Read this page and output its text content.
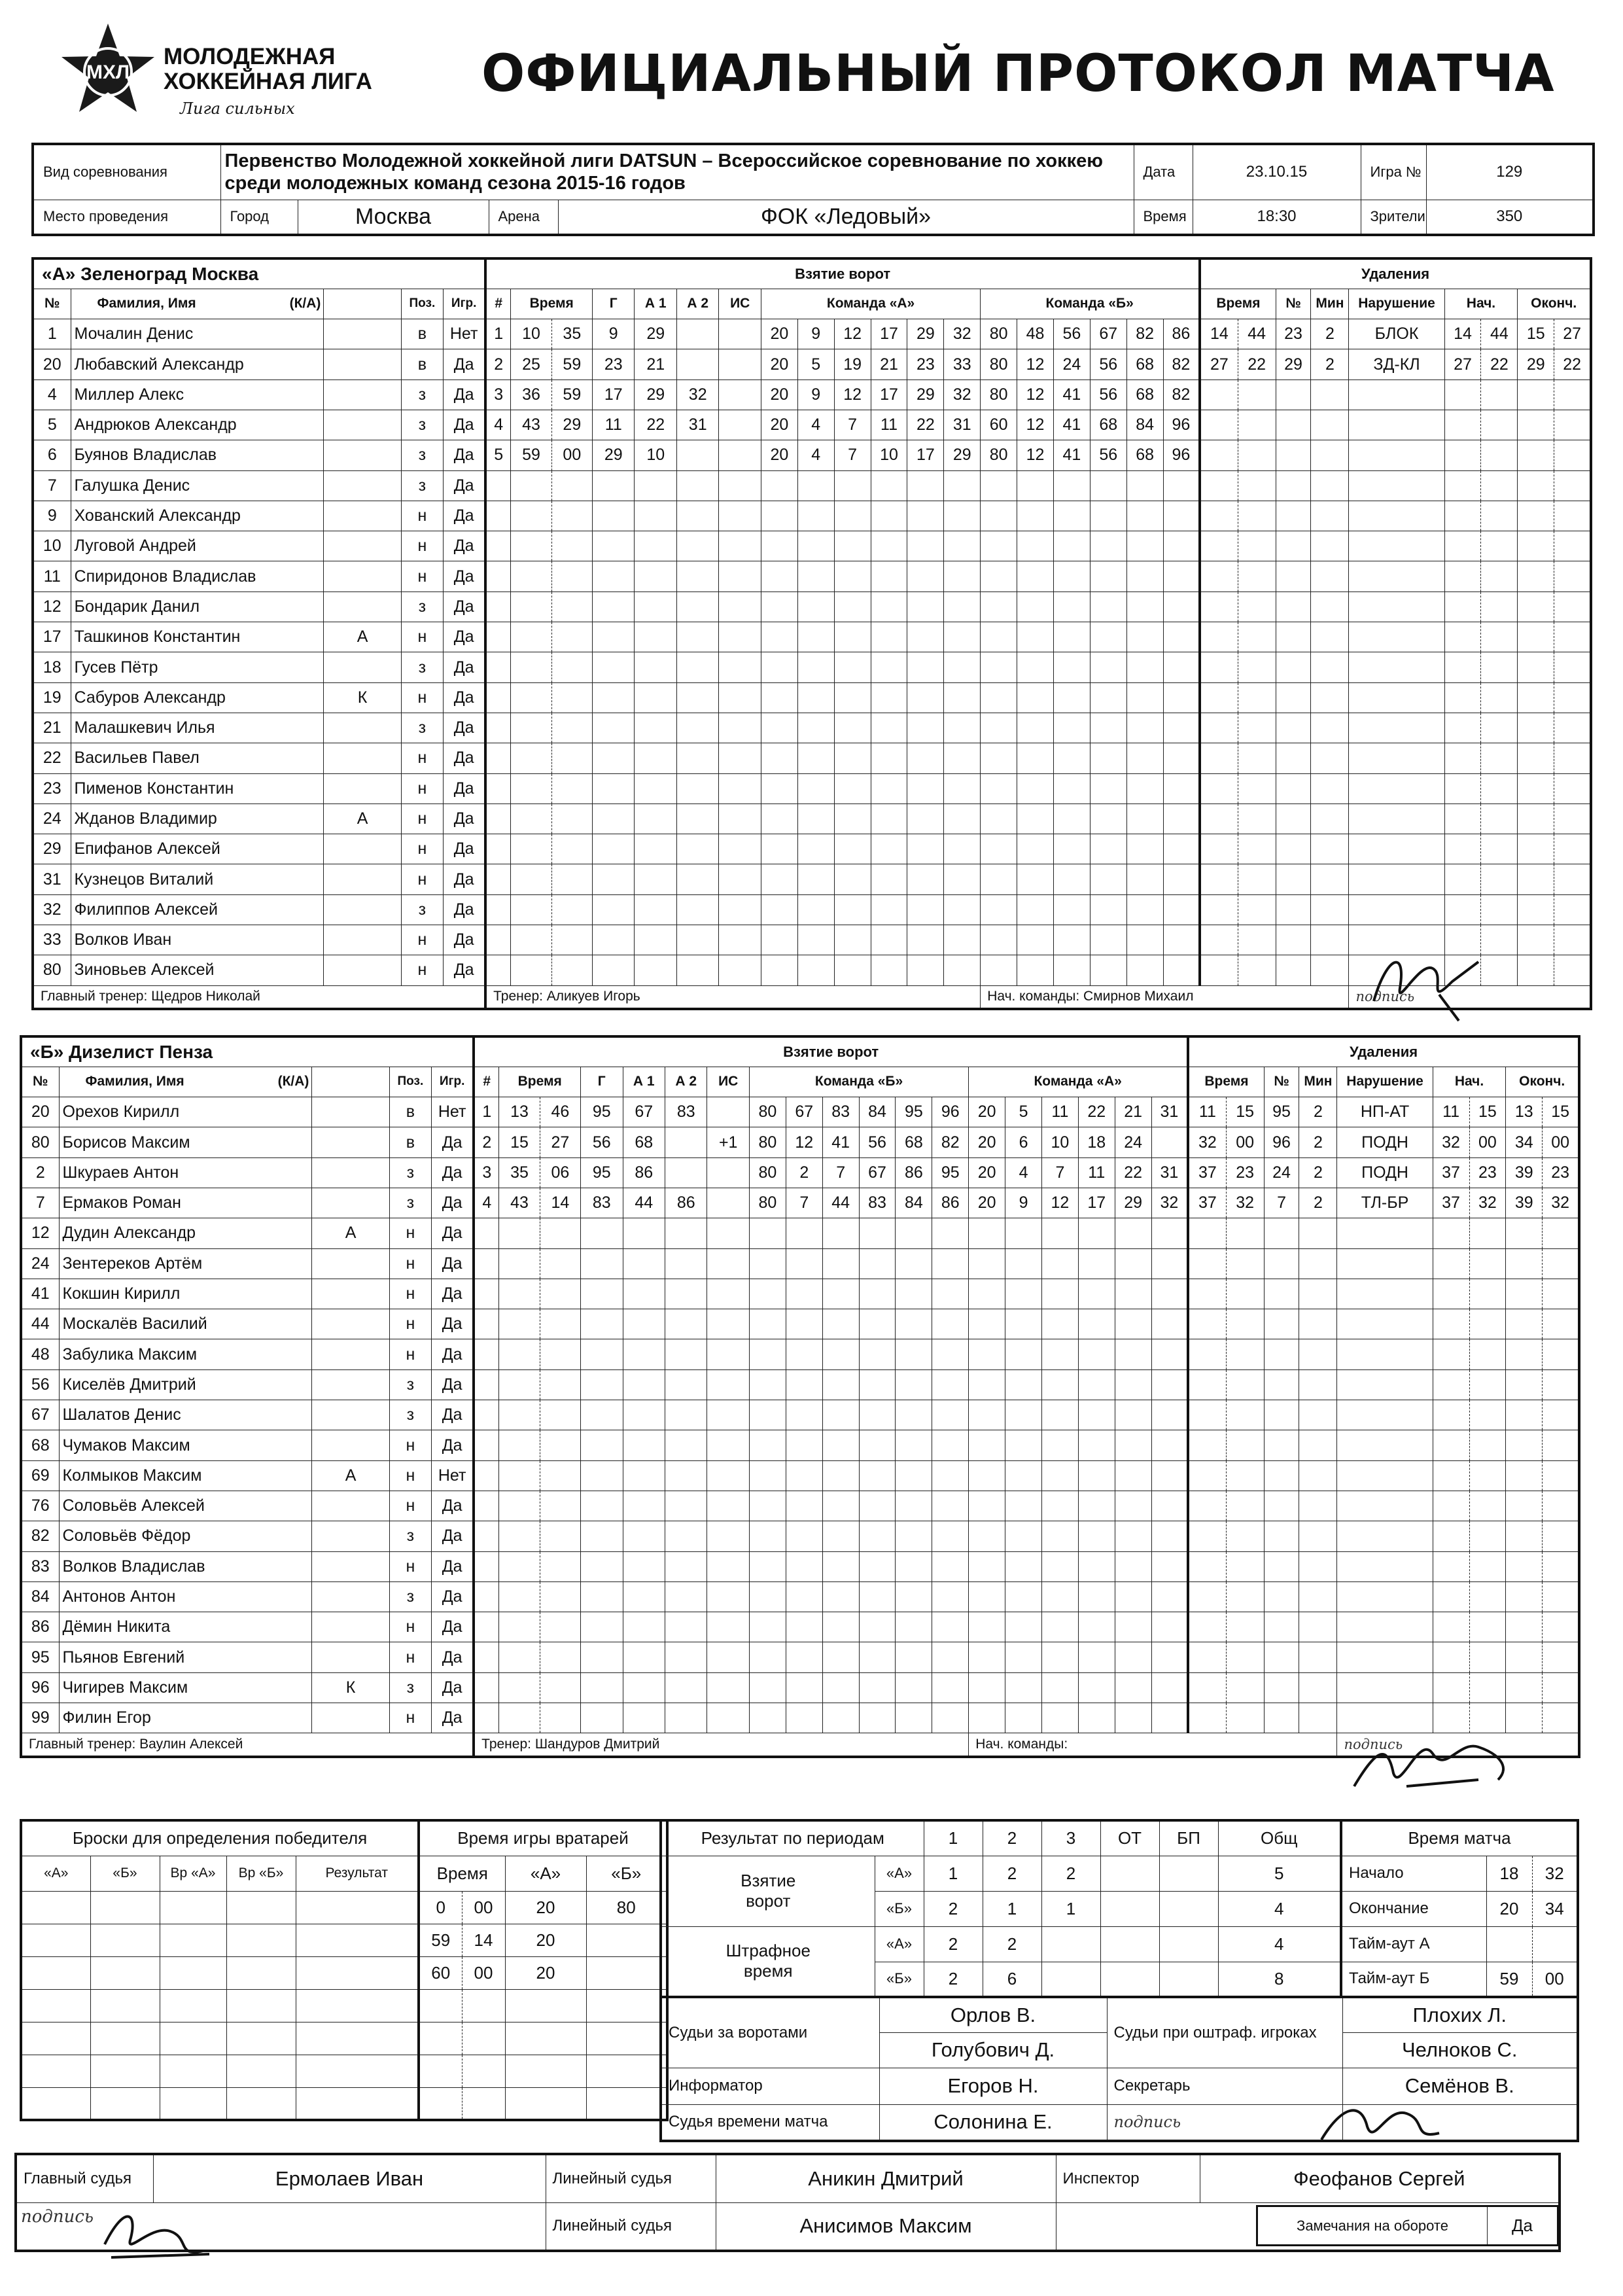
МХЛ
МОЛОДЕЖНАЯ
ХОККЕЙНАЯ ЛИГА
Лига сильных
ОФИЦИАЛЬНЫЙ ПРОТОКОЛ МАТЧА
Вид соревнования	Первенство Молодежной хоккейной лиги DATSUN – Всероссийское соревнование по хоккею среди молодежных команд сезона 2015-16 годов				Дата	23.10.15	Игра №	129
Место проведения	Город	Москва	Арена	ФОК «Ледовый»	Время	18:30	Зрители	350
«А» Зеленоград Москва					Взятие ворот																			Удаления								
№	Фамилия, Имя (К/А)		Поз.	Игр.	#	Время		Г	А 1	А 2	ИС	Команда «А»						Команда «Б»						Время		№	Мин	Нарушение	Нач.		Оконч.	
1	Мочалин Денис		в	Нет	1	10	35	9	29			20	9	12	17	29	32	80	48	56	67	82	86	14	44	23	2	БЛОК	14	44	15	27
20	Любавский Александр		в	Да	2	25	59	23	21			20	5	19	21	23	33	80	12	24	56	68	82	27	22	29	2	ЗД-КЛ	27	22	29	22
4	Миллер Алекс		з	Да	3	36	59	17	29	32		20	9	12	17	29	32	80	12	41	56	68	82									
5	Андрюков Александр		з	Да	4	43	29	11	22	31		20	4	7	11	22	31	60	12	41	68	84	96									
6	Буянов Владислав		з	Да	5	59	00	29	10			20	4	7	10	17	29	80	12	41	56	68	96									
7	Галушка Денис		з	Да																												
9	Хованский Александр		н	Да																												
10	Луговой Андрей		н	Да																												
11	Спиридонов Владислав		н	Да																												
12	Бондарик Данил		з	Да																												
17	Ташкинов Константин	А	н	Да																												
18	Гусев Пётр		з	Да																												
19	Сабуров Александр	К	н	Да																												
21	Малашкевич Илья		з	Да																												
22	Васильев Павел		н	Да																												
23	Пименов Константин		н	Да																												
24	Жданов Владимир	А	н	Да																												
29	Епифанов Алексей		н	Да																												
31	Кузнецов Виталий		н	Да																												
32	Филиппов Алексей		з	Да																												
33	Волков Иван		н	Да																												
80	Зиновьев Алексей		н	Да																												
Главный тренер: Щедров Николай					Тренер: Аликуев Игорь													Нач. команды: Смирнов Михаил										подпись				
«Б» Дизелист Пенза					Взятие ворот																			Удаления								
№	Фамилия, Имя (К/А)		Поз.	Игр.	#	Время		Г	А 1	А 2	ИС	Команда «Б»						Команда «А»						Время		№	Мин	Нарушение	Нач.		Оконч.	
20	Орехов Кирилл		в	Нет	1	13	46	95	67	83		80	67	83	84	95	96	20	5	11	22	21	31	11	15	95	2	НП-АТ	11	15	13	15
80	Борисов Максим		в	Да	2	15	27	56	68		+1	80	12	41	56	68	82	20	6	10	18	24		32	00	96	2	ПОДН	32	00	34	00
2	Шкураев Антон		з	Да	3	35	06	95	86			80	2	7	67	86	95	20	4	7	11	22	31	37	23	24	2	ПОДН	37	23	39	23
7	Ермаков Роман		з	Да	4	43	14	83	44	86		80	7	44	83	84	86	20	9	12	17	29	32	37	32	7	2	ТЛ-БР	37	32	39	32
12	Дудин Александр	А	н	Да																												
24	Зентереков Артём		н	Да																												
41	Кокшин Кирилл		н	Да																												
44	Москалёв Василий		н	Да																												
48	Забулика Максим		н	Да																												
56	Киселёв Дмитрий		з	Да																												
67	Шалатов Денис		з	Да																												
68	Чумаков Максим		н	Да																												
69	Колмыков Максим	А	н	Нет																												
76	Соловьёв Алексей		н	Да																												
82	Соловьёв Фёдор		з	Да																												
83	Волков Владислав		н	Да																												
84	Антонов Антон		з	Да																												
86	Дёмин Никита		н	Да																												
95	Пьянов Евгений		н	Да																												
96	Чигирев Максим	К	з	Да																												
99	Филин Егор		н	Да																												
Главный тренер: Ваулин Алексей					Тренер: Шандуров Дмитрий													Нач. команды:										подпись				
Броски для определения победителя				
«А»	«Б»	Вр «А»	Вр «Б»	Результат

Время игры вратарей			
Время		«А»	«Б»
0	00	20	80
59	14	20	
60	00	20	

Результат по периодам		1	2	3	ОТ	БП	Общ
Взятие ворот	«А»	1	2	2			5
	«Б»	2	1	1			4
Штрафное время	«А»	2	2				4
	«Б»	2	6				8
Время матча		
Начало	18	32
Окончание	20	34
Тайм-аут А		
Тайм-аут Б	59	00
Судьи за воротами	Орлов В.	Судьи при оштраф. игроках	Плохих Л.
	Голубович Д.		Челноков С.
Информатор	Егоров Н.	Секретарь	Семёнов В.
Судья времени матча	Солонина Е.	подпись	
Главный судья	Ермолаев Иван	Линейный судья	Аникин Дмитрий	Инспектор	Феофанов Сергей
подпись		Линейный судья	Анисимов Максим			Замечания на обороте	Да
